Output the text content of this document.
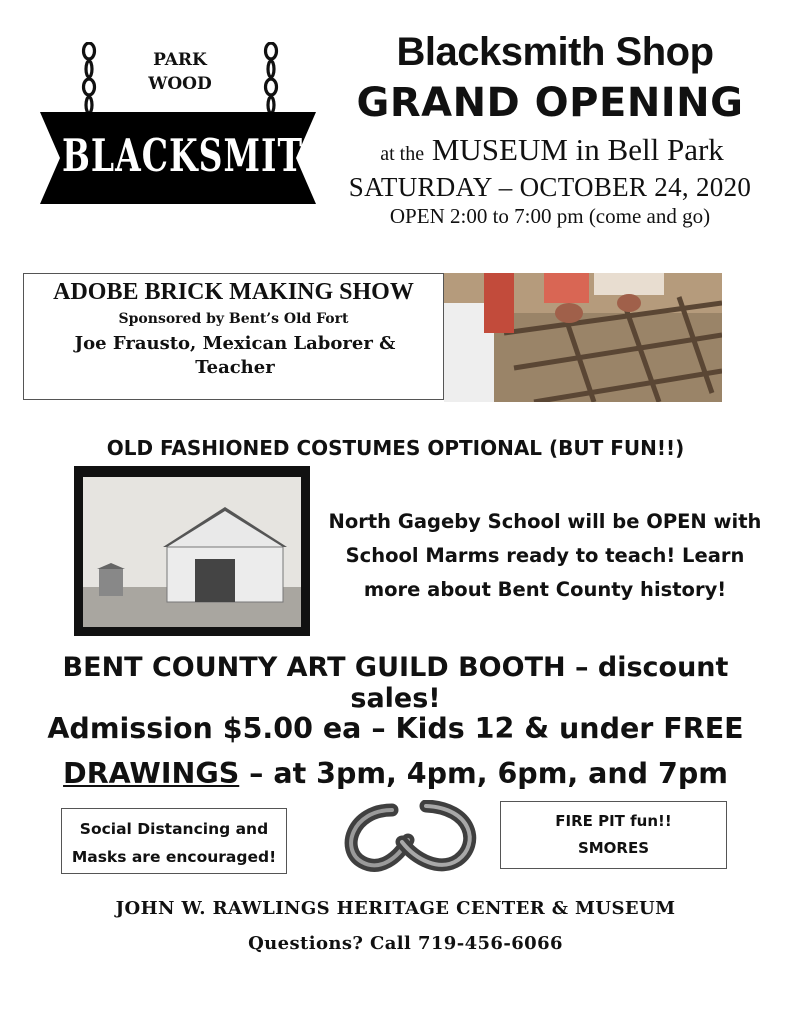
PARK
WOOD
BLACKSMITH
Blacksmith Shop
GRAND OPENING
at the MUSEUM in Bell Park
SATURDAY – OCTOBER 24, 2020
OPEN 2:00 to 7:00 pm (come and go)
ADOBE BRICK MAKING SHOW
Sponsored by Bent’s Old Fort
Joe Frausto, Mexican Laborer & Teacher
OLD FASHIONED COSTUMES OPTIONAL (BUT FUN!!)
North Gageby School will be OPEN with School Marms ready to teach! Learn more about Bent County history!
BENT COUNTY ART GUILD BOOTH – discount sales!
Admission $5.00 ea – Kids 12 & under FREE
DRAWINGS – at 3pm, 4pm, 6pm, and 7pm
Social Distancing and Masks are encouraged!
FIRE PIT fun!!
SMORES
JOHN W. RAWLINGS HERITAGE CENTER & MUSEUM
Questions? Call 719-456-6066
